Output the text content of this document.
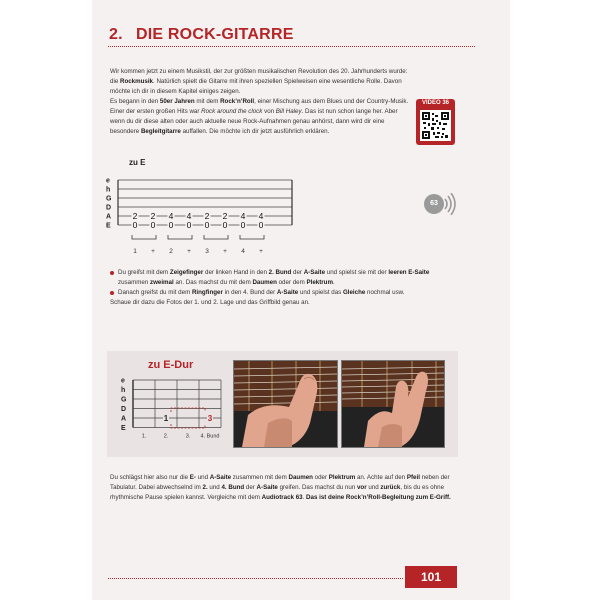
2. DIE ROCK-GITARRE

Wir kommen jetzt zu einem Musikstil, der zur größten musikalischen Revolution des 20. Jahrhunderts wurde: die Rockmusik. Natürlich spielt die Gitarre mit ihren speziellen Spielweisen eine wesentliche Rolle. Davon möchte ich dir in diesem Kapitel einiges zeigen.

Es begann in den 50er Jahren mit dem Rock’n’Roll, einer Mischung aus dem Blues und der Country-Musik. Einer der ersten großen Hits war Rock around the clock von Bill Haley. Das ist nun schon lange her. Aber wenn du dir diese alten oder auch aktuelle neue Rock-Aufnahmen genau anhörst, dann wird dir eine besondere Begleitgitarre auffallen. Die möchte ich dir jetzt ausführlich erklären.

VIDEO 36
zu E
e
h
G
D
A
E
2 2 4 4 2 2 4 4
0 0 0 0 0 0 0 0
1 + 2 + 3 + 4 +
63
Du greifst mit dem Zeigefinger der linken Hand in den 2. Bund der A-Saite und spielst sie mit der leeren E-Saite zusammen zweimal an. Das machst du mit dem Daumen oder dem Plektrum.
Danach greifst du mit dem Ringfinger in den 4. Bund der A-Saite und spielst das Gleiche nochmal usw.

Schaue dir dazu die Fotos der 1. und 2. Lage und das Griffbild genau an.

zu E-Dur
e
h
G
D
A
E
1.	2.	3. 4. Bund
1	3
Du schlägst hier also nur die E- und A-Saite zusammen mit dem Daumen oder Plektrum an. Achte auf den Pfeil neben der Tabulatur. Dabei abwechselnd im 2. und 4. Bund der A-Saite greifen. Das machst du nun vor und zurück, bis du es ohne rhythmische Pause spielen kannst. Vergleiche mit dem Audiotrack 63. Das ist deine Rock’n’Roll-Begleitung zum E-Griff.
101
